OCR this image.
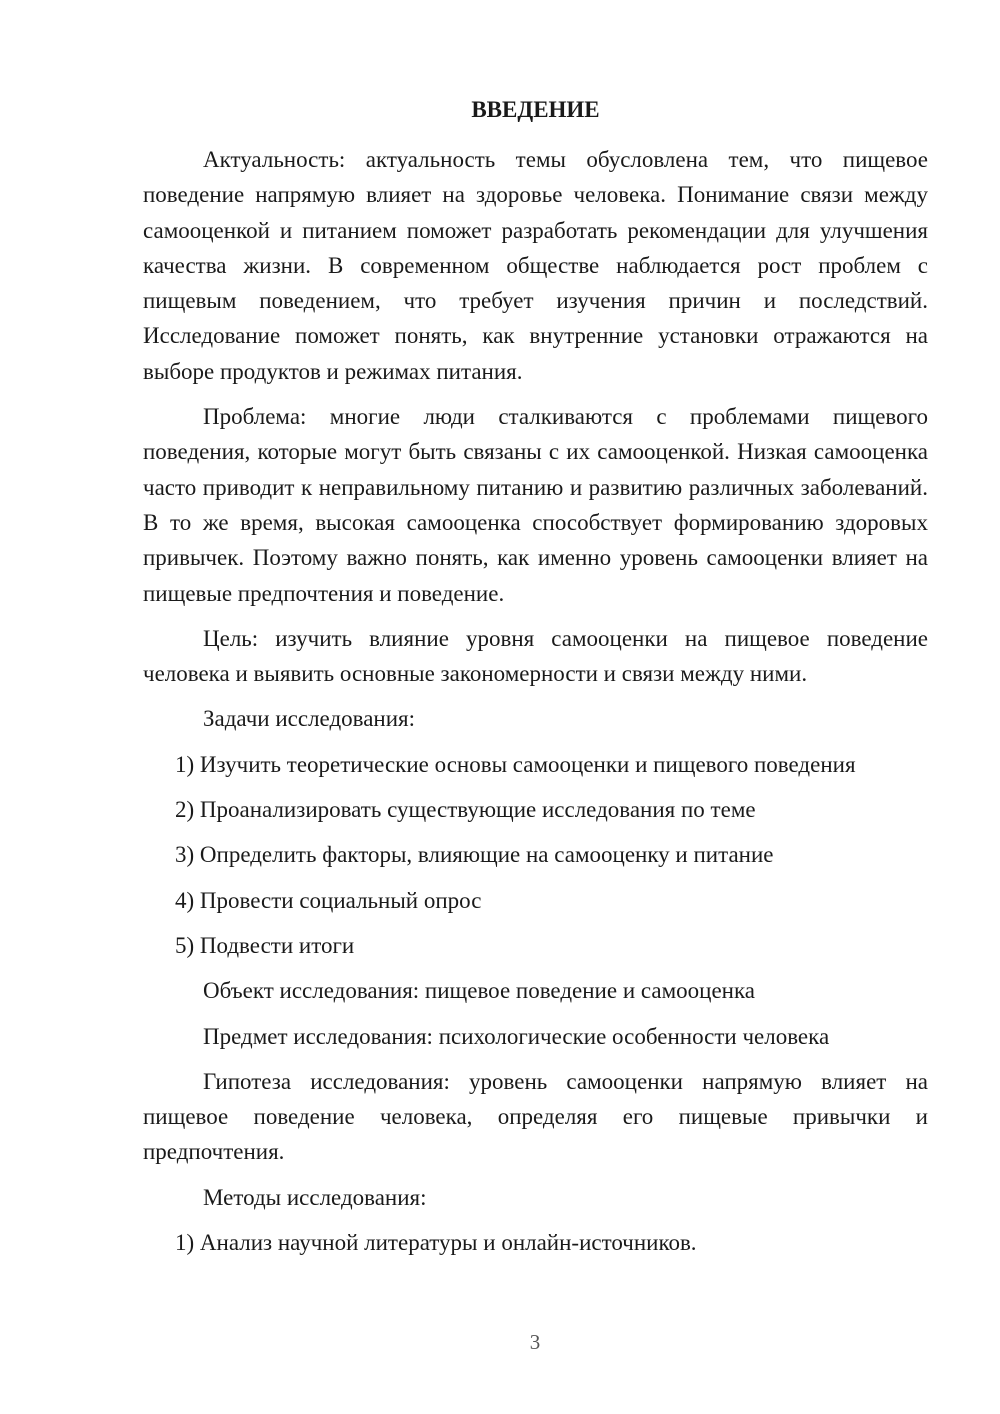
ВВЕДЕНИЕ
Актуальность: актуальность темы обусловлена тем, что пищевое поведение напрямую влияет на здоровье человека. Понимание связи между самооценкой и питанием поможет разработать рекомендации для улучшения качества жизни. В современном обществе наблюдается рост проблем с пищевым поведением, что требует изучения причин и последствий. Исследование поможет понять, как внутренние установки отражаются на выборе продуктов и режимах питания.
Проблема: многие люди сталкиваются с проблемами пищевого поведения, которые могут быть связаны с их самооценкой. Низкая самооценка часто приводит к неправильному питанию и развитию различных заболеваний. В то же время, высокая самооценка способствует формированию здоровых привычек. Поэтому важно понять, как именно уровень самооценки влияет на пищевые предпочтения и поведение.
Цель: изучить влияние уровня самооценки на пищевое поведение человека и выявить основные закономерности и связи между ними.
Задачи исследования:
1) Изучить теоретические основы самооценки и пищевого поведения
2) Проанализировать существующие исследования по теме
3) Определить факторы, влияющие на самооценку и питание
4) Провести социальный опрос
5) Подвести итоги
Объект исследования: пищевое поведение и самооценка
Предмет исследования: психологические особенности человека
Гипотеза исследования: уровень самооценки напрямую влияет на пищевое поведение человека, определяя его пищевые привычки и предпочтения.
Методы исследования:
1) Анализ научной литературы и онлайн-источников.
3
